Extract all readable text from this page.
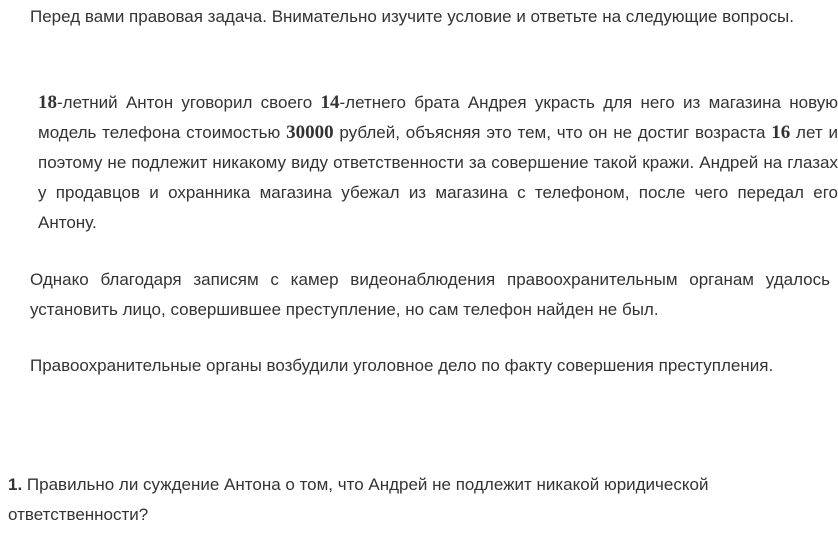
Перед вами правовая задача. Внимательно изучите условие и ответьте на следующие вопросы.

18-летний Антон уговорил своего 14-летнего брата Андрея украсть для него из магазина новую модель телефона стоимостью 30000 рублей, объясняя это тем, что он не достиг возраста 16 лет и поэтому не подлежит никакому виду ответственности за совершение такой кражи. Андрей на глазах у продавцов и охранника магазина убежал из магазина с телефоном, после чего передал его Антону.

Однако благодаря записям с камер видеонаблюдения правоохранительным органам удалось установить лицо, совершившее преступление, но сам телефон найден не был.

Правоохранительные органы возбудили уголовное дело по факту совершения преступления.

1. Правильно ли суждение Антона о том, что Андрей не подлежит никакой юридической ответственности?
